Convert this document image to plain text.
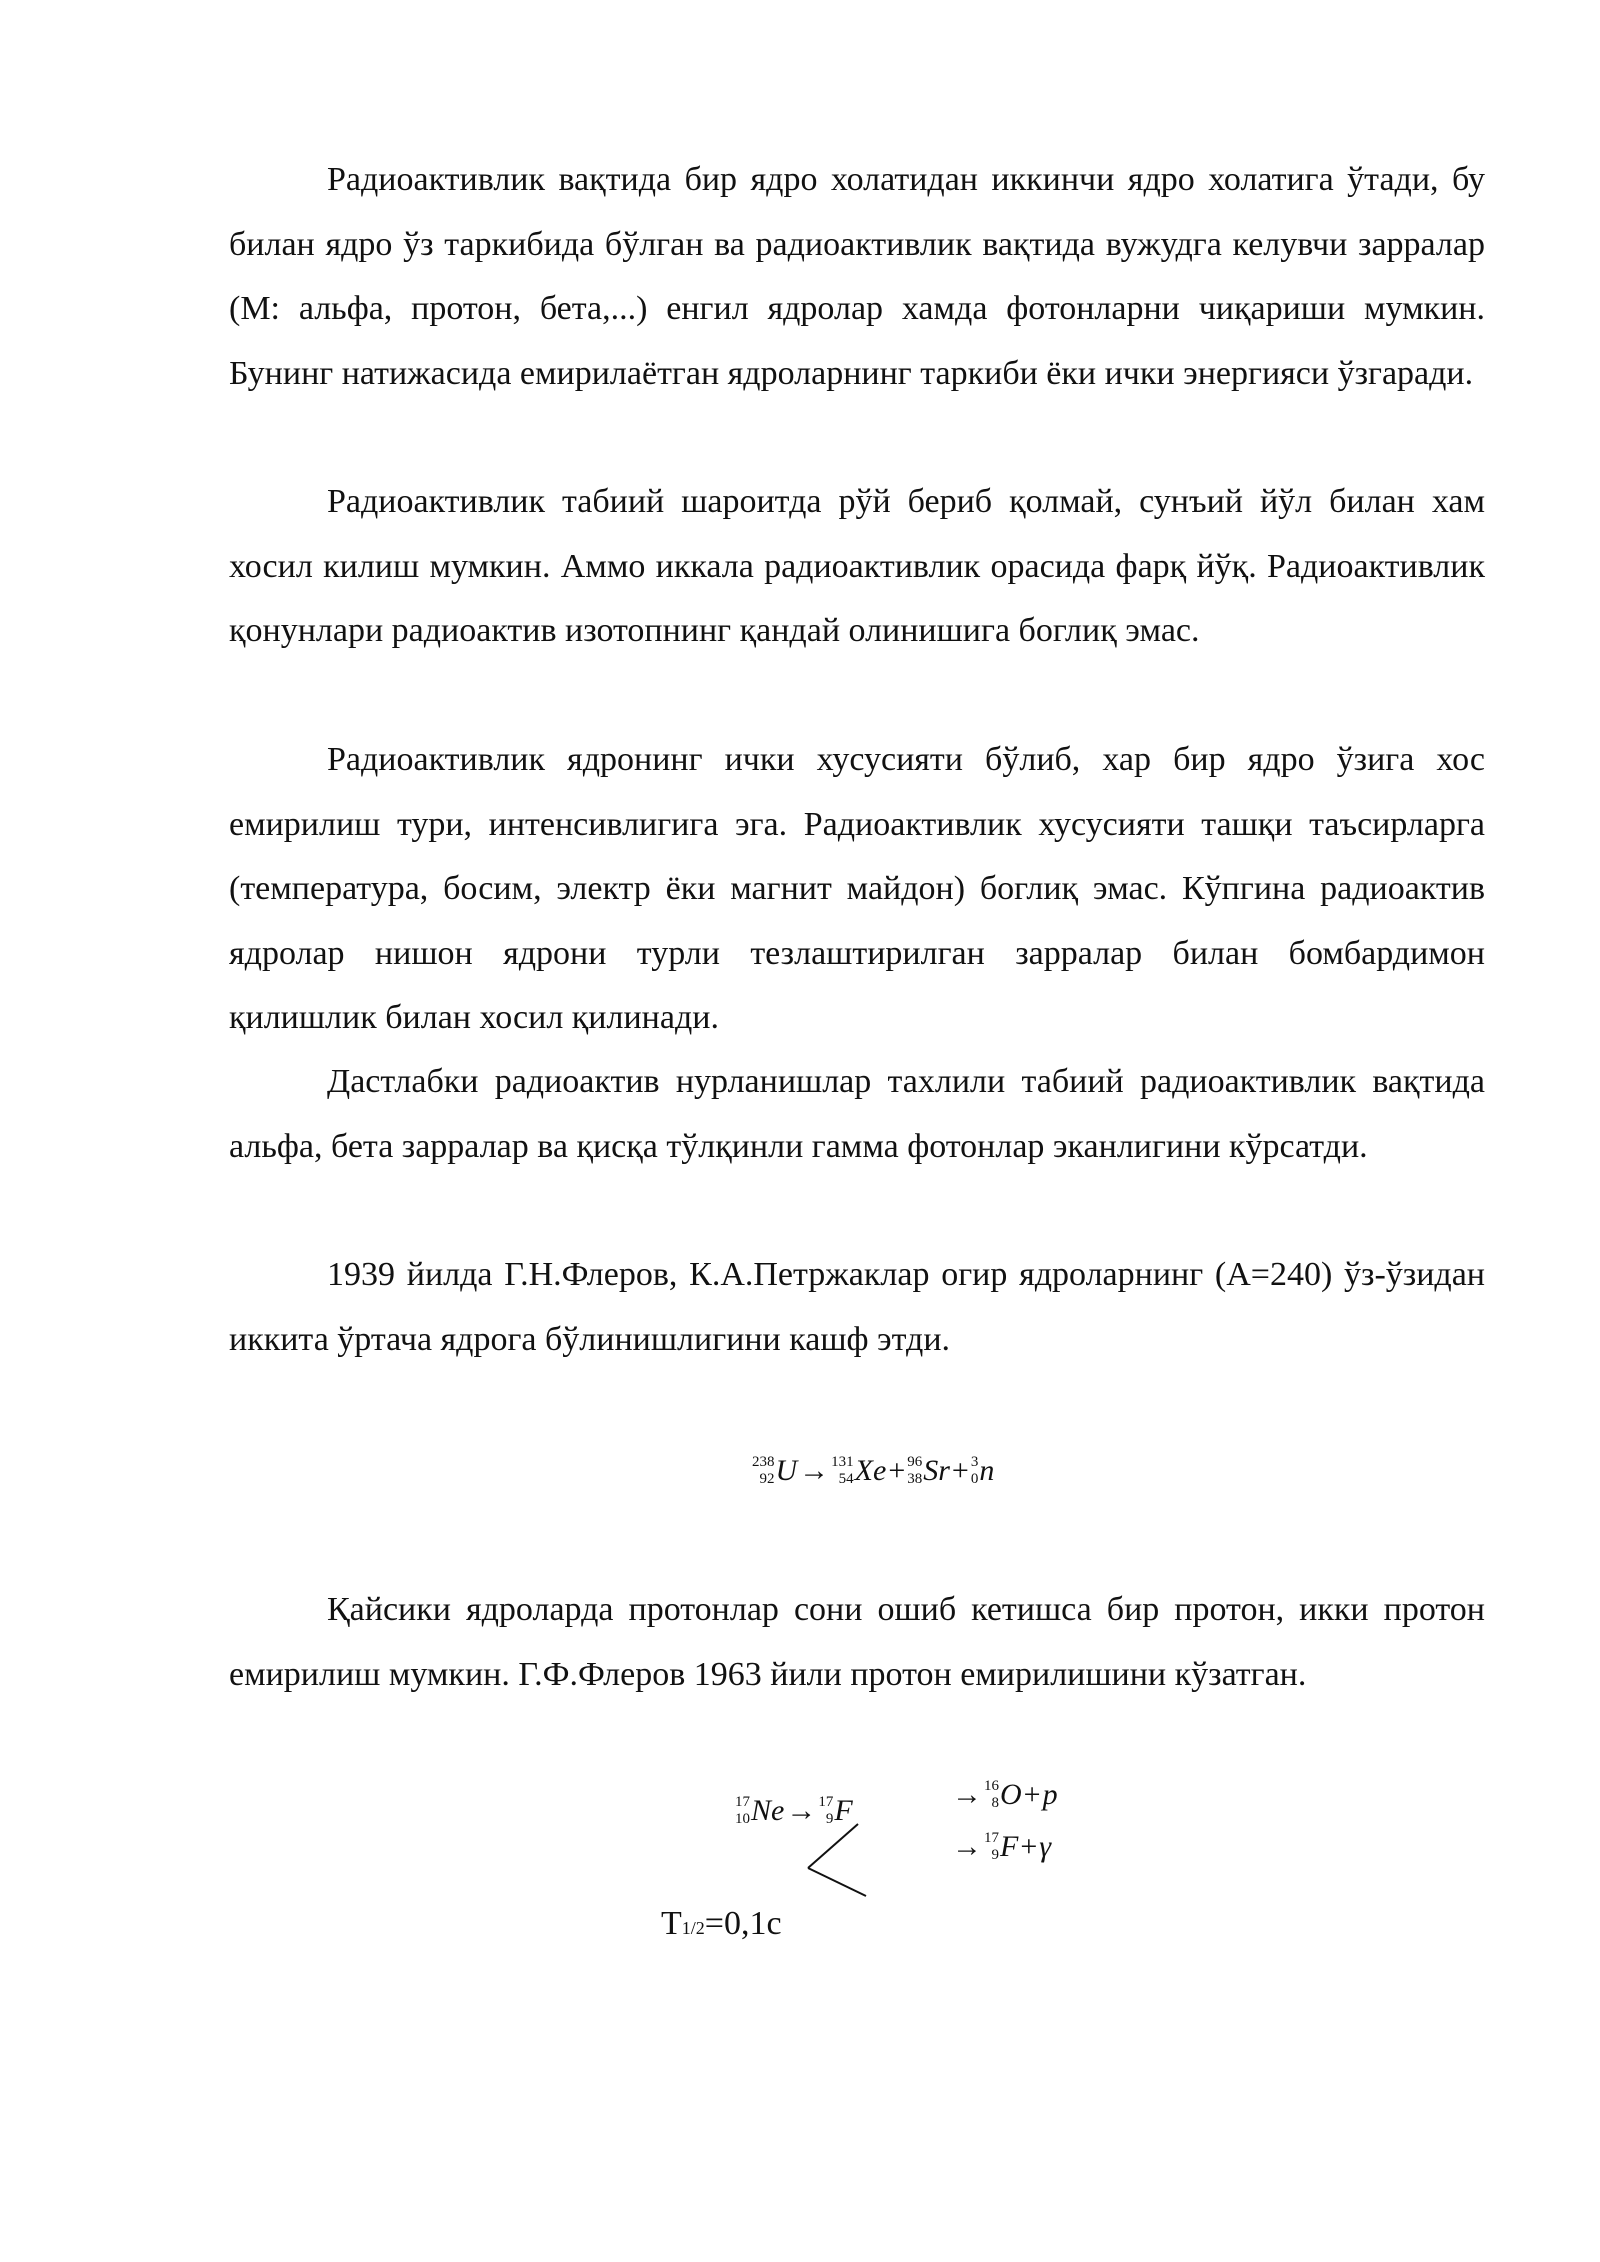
Радиоактивлик вақтида бир ядро холатидан иккинчи ядро холатига ўтади, бу билан ядро ўз таркибида бўлган ва радиоактивлик вақтида вужудга келувчи зарралар (М: альфа, протон, бета,...) енгил ядролар хамда фотонларни чиқариши мумкин. Бунинг натижасида емирилаётган ядроларнинг таркиби ёки ички энергияси ўзгаради.

Радиоактивлик табиий шароитда рўй бериб қолмай, сунъий йўл билан хам хосил килиш мумкин. Аммо иккала радиоактивлик орасида фарқ йўқ. Радиоактивлик қонунлари радиоактив изотопнинг қандай олинишига боглиқ эмас.

Радиоактивлик ядронинг ички хусусияти бўлиб, хар бир ядро ўзига хос емирилиш тури, интенсивлигига эга. Радиоактивлик хусусияти ташқи таъсирларга (температура, босим, электр ёки магнит майдон) боглиқ эмас. Кўпгина радиоактив ядролар нишон ядрони турли тезлаштирилган зарралар билан бомбардимон қилишлик билан хосил қилинади.

Дастлабки радиоактив нурланишлар тахлили табиий радиоактивлик вақтида альфа, бета зарралар ва қисқа тўлқинли гамма фотонлар эканлигини кўрсатди.

1939 йилда Г.Н.Флеров, К.А.Петржаклар огир ядроларнинг (А=240) ўз-ўзидан иккита ўртача ядрога бўлинишлигини кашф этди.

238
92 U→ 131
54 Xe+ 96
38 Sr+ 3
0 n

Қайсики ядроларда протонлар сони ошиб кетишса бир протон, икки протон емирилиш мумкин. Г.Ф.Флеров 1963 йили протон емирилишини кўзатган.

17
10 Ne→ 17
9 F	→ 16
8 O+p
→ 17
9 F+γ
T1/2=0,1с
